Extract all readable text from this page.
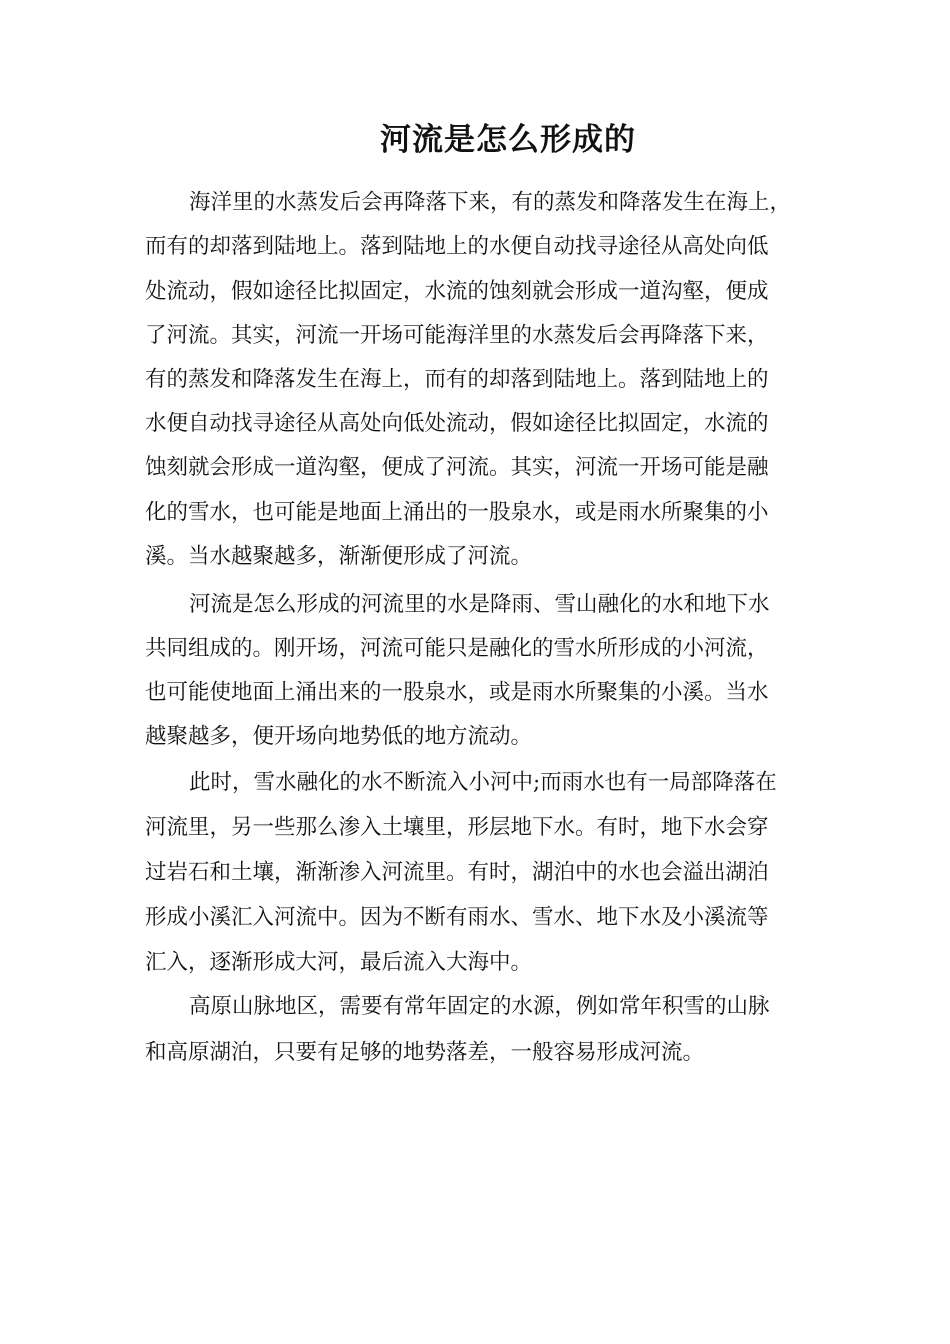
河流是怎么形成的
海洋里的水蒸发后会再降落下来，有的蒸发和降落发生在海上，
而有的却落到陆地上。落到陆地上的水便自动找寻途径从高处向低
处流动，假如途径比拟固定，水流的蚀刻就会形成一道沟壑，便成
了河流。其实，河流一开场可能海洋里的水蒸发后会再降落下来，
有的蒸发和降落发生在海上，而有的却落到陆地上。落到陆地上的
水便自动找寻途径从高处向低处流动，假如途径比拟固定，水流的
蚀刻就会形成一道沟壑，便成了河流。其实，河流一开场可能是融
化的雪水，也可能是地面上涌出的一股泉水，或是雨水所聚集的小
溪。当水越聚越多，渐渐便形成了河流。
河流是怎么形成的河流里的水是降雨、雪山融化的水和地下水
共同组成的。刚开场，河流可能只是融化的雪水所形成的小河流，
也可能使地面上涌出来的一股泉水，或是雨水所聚集的小溪。当水
越聚越多，便开场向地势低的地方流动。
此时，雪水融化的水不断流入小河中;而雨水也有一局部降落在
河流里，另一些那么渗入土壤里，形层地下水。有时，地下水会穿
过岩石和土壤，渐渐渗入河流里。有时，湖泊中的水也会溢出湖泊
形成小溪汇入河流中。因为不断有雨水、雪水、地下水及小溪流等
汇入，逐渐形成大河，最后流入大海中。
高原山脉地区，需要有常年固定的水源，例如常年积雪的山脉
和高原湖泊，只要有足够的地势落差，一般容易形成河流。
